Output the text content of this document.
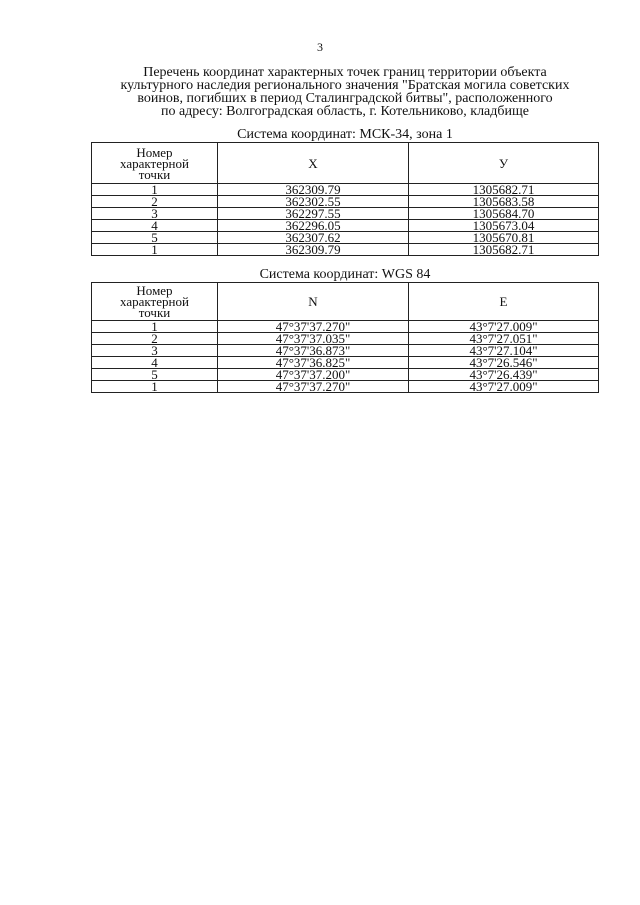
3
Перечень координат характерных точек границ территории объекта
культурного наследия регионального значения "Братская могила советских
воинов, погибших в период Сталинградской битвы", расположенного
по адресу: Волгоградская область, г. Котельниково, кладбище
Система координат: МСК-34, зона 1
Номер
характерной
точки	X	У
1	362309.79	1305682.71
2	362302.55	1305683.58
3	362297.55	1305684.70
4	362296.05	1305673.04
5	362307.62	1305670.81
1	362309.79	1305682.71
Система координат: WGS 84
Номер
характерной
точки	N	E
1	47°37'37.270"	43°7'27.009"
2	47°37'37.035"	43°7'27.051"
3	47°37'36.873"	43°7'27.104"
4	47°37'36.825"	43°7'26.546"
5	47°37'37.200"	43°7'26.439"
1	47°37'37.270"	43°7'27.009"
